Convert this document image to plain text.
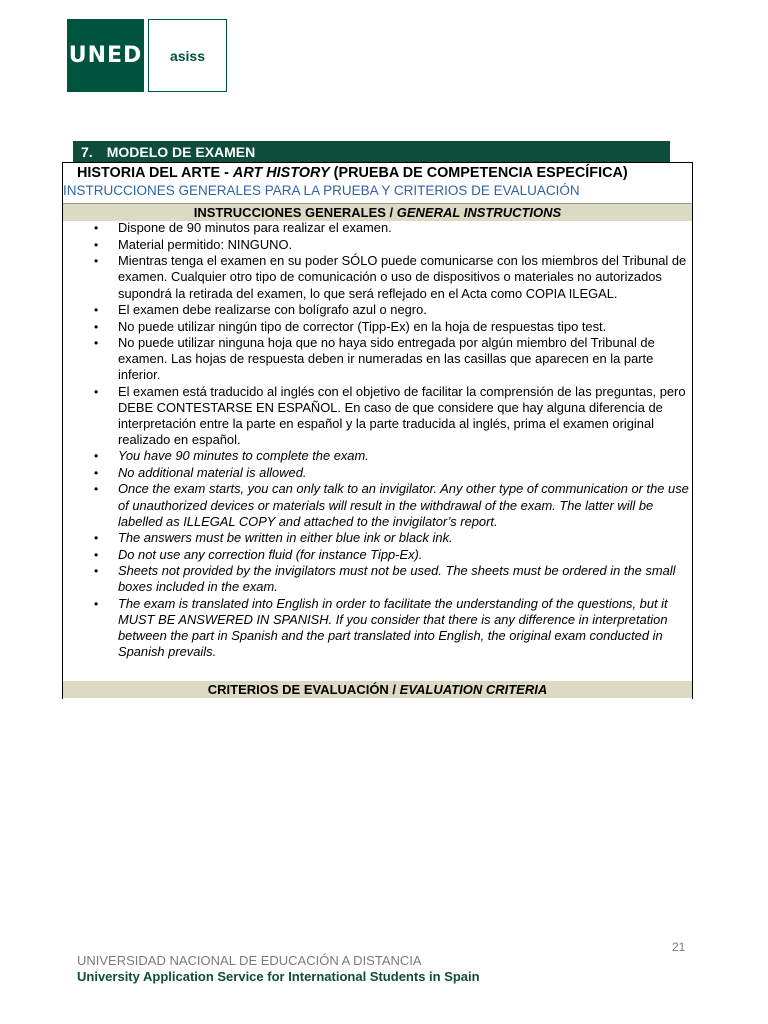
UNED	asiss
7. MODELO DE EXAMEN
HISTORIA DEL ARTE - ART HISTORY (PRUEBA DE COMPETENCIA ESPECÍFICA)
INSTRUCCIONES GENERALES PARA LA PRUEBA Y CRITERIOS DE EVALUACIÓN
INSTRUCCIONES GENERALES / GENERAL INSTRUCTIONS
• Dispone de 90 minutos para realizar el examen.
• Material permitido: NINGUNO.
• Mientras tenga el examen en su poder SÓLO puede comunicarse con los miembros del Tribunal de examen. Cualquier otro tipo de comunicación o uso de dispositivos o materiales no autorizados supondrá la retirada del examen, lo que será reflejado en el Acta como COPIA ILEGAL.
• El examen debe realizarse con bolígrafo azul o negro.
• No puede utilizar ningún tipo de corrector (Tipp-Ex) en la hoja de respuestas tipo test.
• No puede utilizar ninguna hoja que no haya sido entregada por algún miembro del Tribunal de examen. Las hojas de respuesta deben ir numeradas en las casillas que aparecen en la parte inferior.
• El examen está traducido al inglés con el objetivo de facilitar la comprensión de las preguntas, pero DEBE CONTESTARSE EN ESPAÑOL. En caso de que considere que hay alguna diferencia de interpretación entre la parte en español y la parte traducida al inglés, prima el examen original realizado en español.
• You have 90 minutes to complete the exam.
• No additional material is allowed.
• Once the exam starts, you can only talk to an invigilator. Any other type of communication or the use of unauthorized devices or materials will result in the withdrawal of the exam. The latter will be labelled as ILLEGAL COPY and attached to the invigilator’s report.
• The answers must be written in either blue ink or black ink.
• Do not use any correction fluid (for instance Tipp-Ex).
• Sheets not provided by the invigilators must not be used. The sheets must be ordered in the small boxes included in the exam.
• The exam is translated into English in order to facilitate the understanding of the questions, but it MUST BE ANSWERED IN SPANISH. If you consider that there is any difference in interpretation between the part in Spanish and the part translated into English, the original exam conducted in Spanish prevails.
CRITERIOS DE EVALUACIÓN / EVALUATION CRITERIA
21
UNIVERSIDAD NACIONAL DE EDUCACIÓN A DISTANCIA
University Application Service for International Students in Spain
